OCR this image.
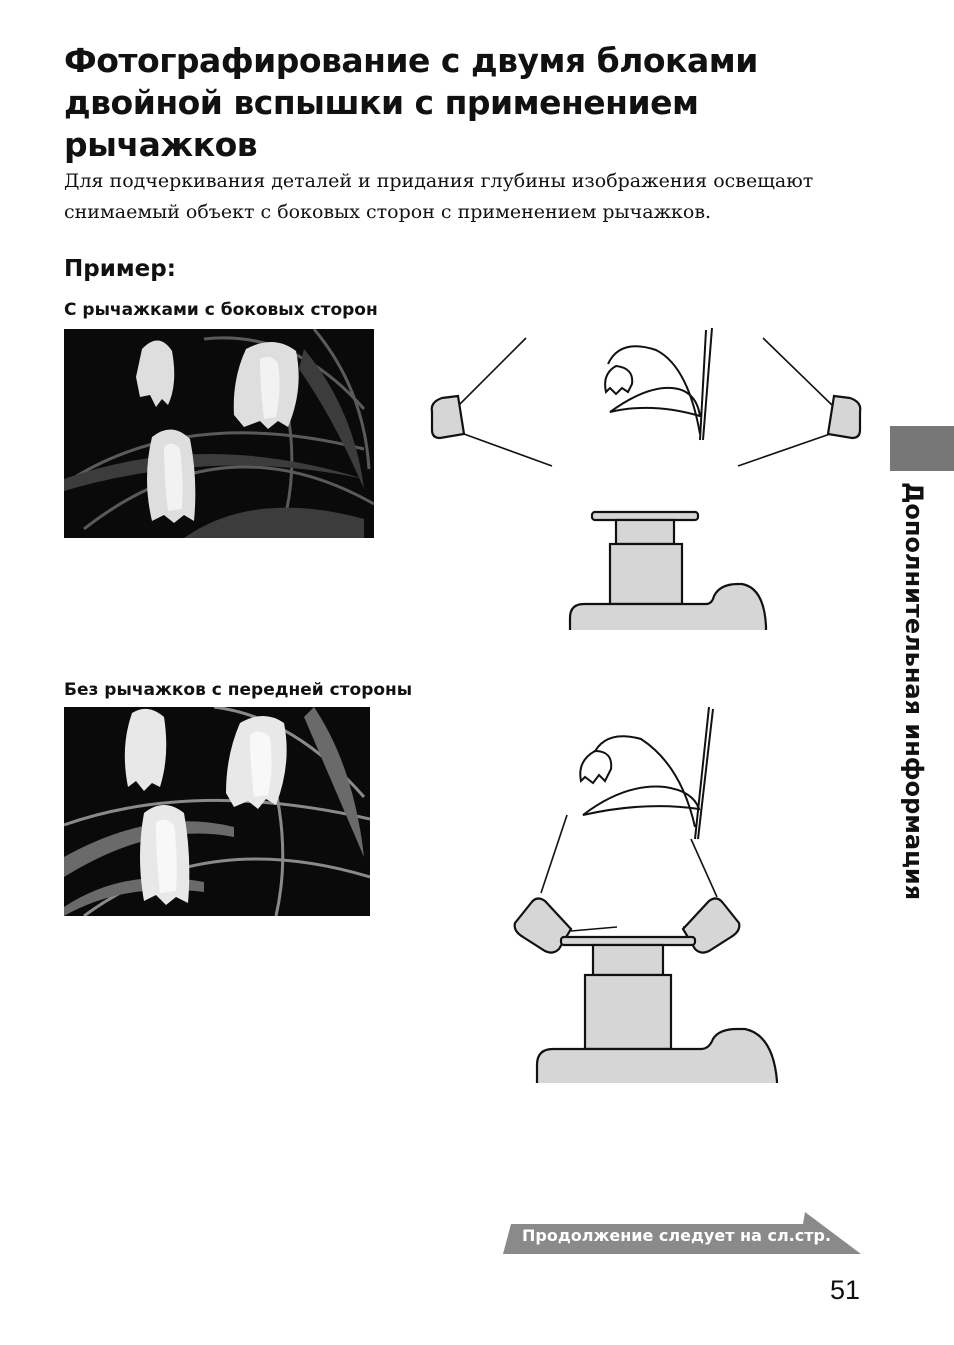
Фотографирование с двумя блоками
двойной вспышки с применением
рычажков

Для подчеркивания деталей и придания глубины изображения освещают
снимаемый объект с боковых сторон с применением рычажков.

Пример:
С рычажками с боковых сторон
Без рычажков с передней стороны	Дополнительная информация
Продолжение следует на сл.стр.
51
